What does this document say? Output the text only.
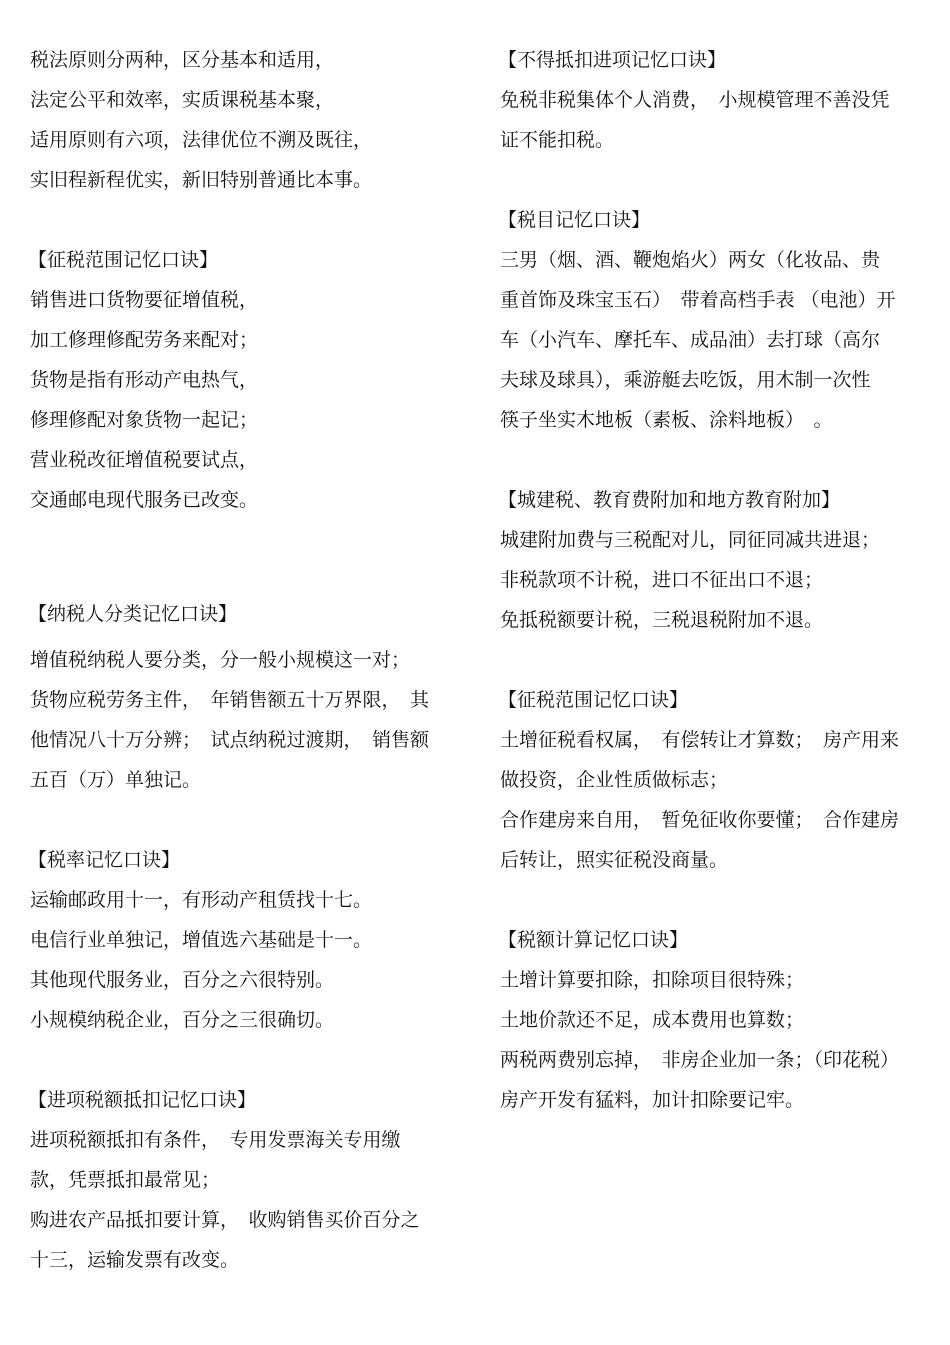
税法原则分两种，区分基本和适用，
法定公平和效率，实质课税基本聚，
适用原则有六项，法律优位不溯及既往，
实旧程新程优实，新旧特别普通比本事。
【征税范围记忆口诀】
销售进口货物要征增值税，
加工修理修配劳务来配对；
货物是指有形动产电热气，
修理修配对象货物一起记；
营业税改征增值税要试点，
交通邮电现代服务已改变。
【纳税人分类记忆口诀】
增值税纳税人要分类，分一般小规模这一对；
货物应税劳务主件，　年销售额五十万界限，　其
他情况八十万分辨；　试点纳税过渡期，　销售额
五百（万）单独记。
【税率记忆口诀】
运输邮政用十一，有形动产租赁找十七。
电信行业单独记，增值选六基础是十一。
其他现代服务业，百分之六很特别。
小规模纳税企业，百分之三很确切。
【进项税额抵扣记忆口诀】
进项税额抵扣有条件，　专用发票海关专用缴
款，凭票抵扣最常见；
购进农产品抵扣要计算，　收购销售买价百分之
十三，运输发票有改变。
【不得抵扣进项记忆口诀】
免税非税集体个人消费，　小规模管理不善没凭
证不能扣税。
【税目记忆口诀】
三男（烟、酒、鞭炮焰火）两女（化妆品、贵
重首饰及珠宝玉石）　带着高档手表 （电池）开
车（小汽车、摩托车、成品油）去打球（高尔
夫球及球具），乘游艇去吃饭，用木制一次性
筷子坐实木地板（素板、涂料地板）　。
【城建税、教育费附加和地方教育附加】
城建附加费与三税配对儿，同征同减共进退；
非税款项不计税，进口不征出口不退；
免抵税额要计税，三税退税附加不退。
【征税范围记忆口诀】
土增征税看权属，　有偿转让才算数；　房产用来
做投资，企业性质做标志；
合作建房来自用，　暂免征收你要懂；　合作建房
后转让，照实征税没商量。
【税额计算记忆口诀】
土增计算要扣除，扣除项目很特殊；
土地价款还不足，成本费用也算数；
两税两费别忘掉，　非房企业加一条；（印花税）
房产开发有猛料，加计扣除要记牢。
